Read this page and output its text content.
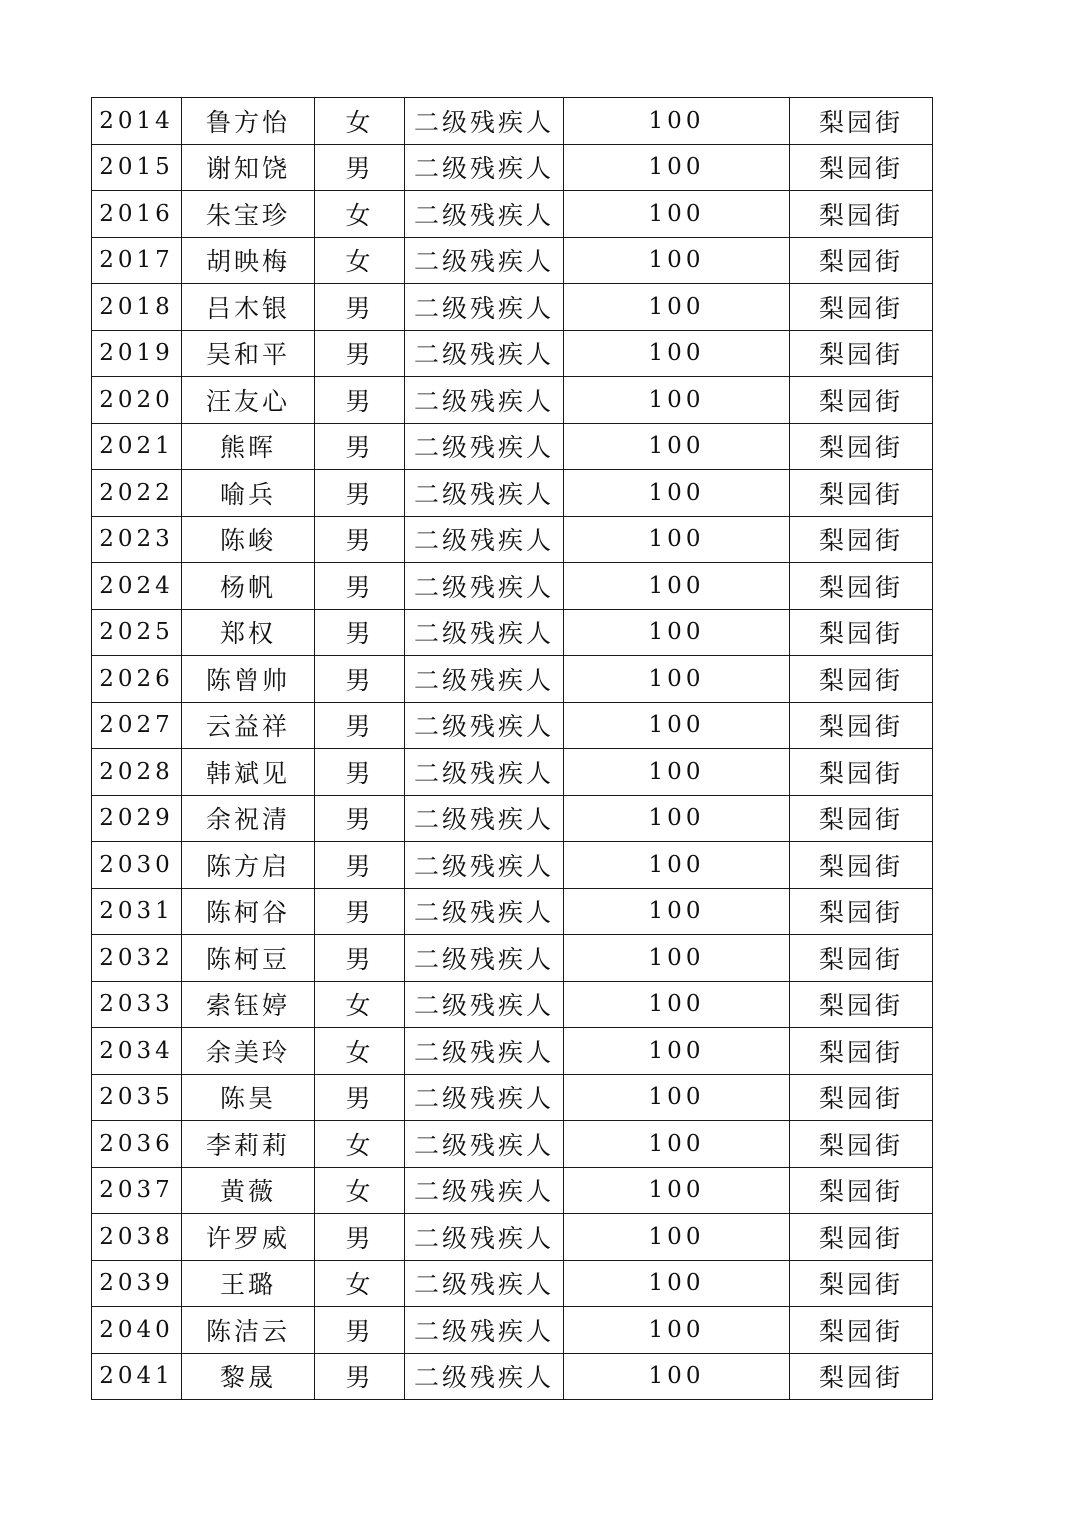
2014	鲁方怡	女	二级残疾人	100	梨园街
2015	谢知饶	男	二级残疾人	100	梨园街
2016	朱宝珍	女	二级残疾人	100	梨园街
2017	胡映梅	女	二级残疾人	100	梨园街
2018	吕木银	男	二级残疾人	100	梨园街
2019	吴和平	男	二级残疾人	100	梨园街
2020	汪友心	男	二级残疾人	100	梨园街
2021	熊晖	男	二级残疾人	100	梨园街
2022	喻兵	男	二级残疾人	100	梨园街
2023	陈峻	男	二级残疾人	100	梨园街
2024	杨帆	男	二级残疾人	100	梨园街
2025	郑权	男	二级残疾人	100	梨园街
2026	陈曾帅	男	二级残疾人	100	梨园街
2027	云益祥	男	二级残疾人	100	梨园街
2028	韩斌见	男	二级残疾人	100	梨园街
2029	余祝清	男	二级残疾人	100	梨园街
2030	陈方启	男	二级残疾人	100	梨园街
2031	陈柯谷	男	二级残疾人	100	梨园街
2032	陈柯豆	男	二级残疾人	100	梨园街
2033	索钰婷	女	二级残疾人	100	梨园街
2034	余美玲	女	二级残疾人	100	梨园街
2035	陈昊	男	二级残疾人	100	梨园街
2036	李莉莉	女	二级残疾人	100	梨园街
2037	黄薇	女	二级残疾人	100	梨园街
2038	许罗威	男	二级残疾人	100	梨园街
2039	王璐	女	二级残疾人	100	梨园街
2040	陈洁云	男	二级残疾人	100	梨园街
2041	黎晟	男	二级残疾人	100	梨园街
